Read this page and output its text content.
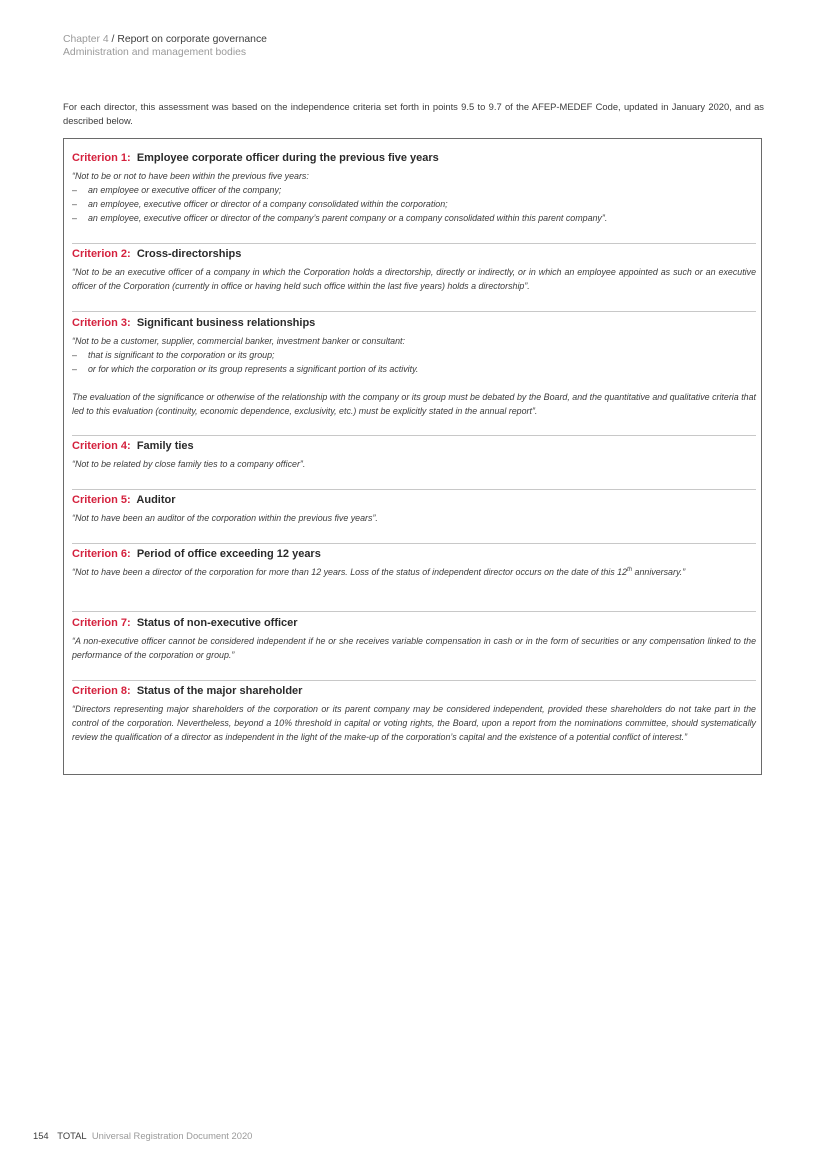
Chapter 4 / Report on corporate governance
Administration and management bodies
For each director, this assessment was based on the independence criteria set forth in points 9.5 to 9.7 of the AFEP-MEDEF Code, updated in January 2020, and as described below.
Criterion 1: Employee corporate officer during the previous five years

“Not to be or not to have been within the previous five years:

– an employee or executive officer of the company;

– an employee, executive officer or director of a company consolidated within the corporation;

– an employee, executive officer or director of the company’s parent company or a company consolidated within this parent company”.

Criterion 2: Cross-directorships

“Not to be an executive officer of a company in which the Corporation holds a directorship, directly or indirectly, or in which an employee appointed as such or an executive officer of the Corporation (currently in office or having held such office within the last five years) holds a directorship”.

Criterion 3: Significant business relationships

“Not to be a customer, supplier, commercial banker, investment banker or consultant:

– that is significant to the corporation or its group;

– or for which the corporation or its group represents a significant portion of its activity.

The evaluation of the significance or otherwise of the relationship with the company or its group must be debated by the Board, and the quantitative and qualitative criteria that led to this evaluation (continuity, economic dependence, exclusivity, etc.) must be explicitly stated in the annual report”.

Criterion 4: Family ties

“Not to be related by close family ties to a company officer”.

Criterion 5: Auditor

“Not to have been an auditor of the corporation within the previous five years”.

Criterion 6: Period of office exceeding 12 years

“Not to have been a director of the corporation for more than 12 years. Loss of the status of independent director occurs on the date of this 12th anniversary.”

Criterion 7: Status of non-executive officer

“A non-executive officer cannot be considered independent if he or she receives variable compensation in cash or in the form of securities or any compensation linked to the performance of the corporation or group.”

Criterion 8: Status of the major shareholder

“Directors representing major shareholders of the corporation or its parent company may be considered independent, provided these shareholders do not take part in the control of the corporation. Nevertheless, beyond a 10% threshold in capital or voting rights, the Board, upon a report from the nominations committee, should systematically review the qualification of a director as independent in the light of the make-up of the corporation’s capital and the existence of a potential conflict of interest.”

154 TOTAL Universal Registration Document 2020
